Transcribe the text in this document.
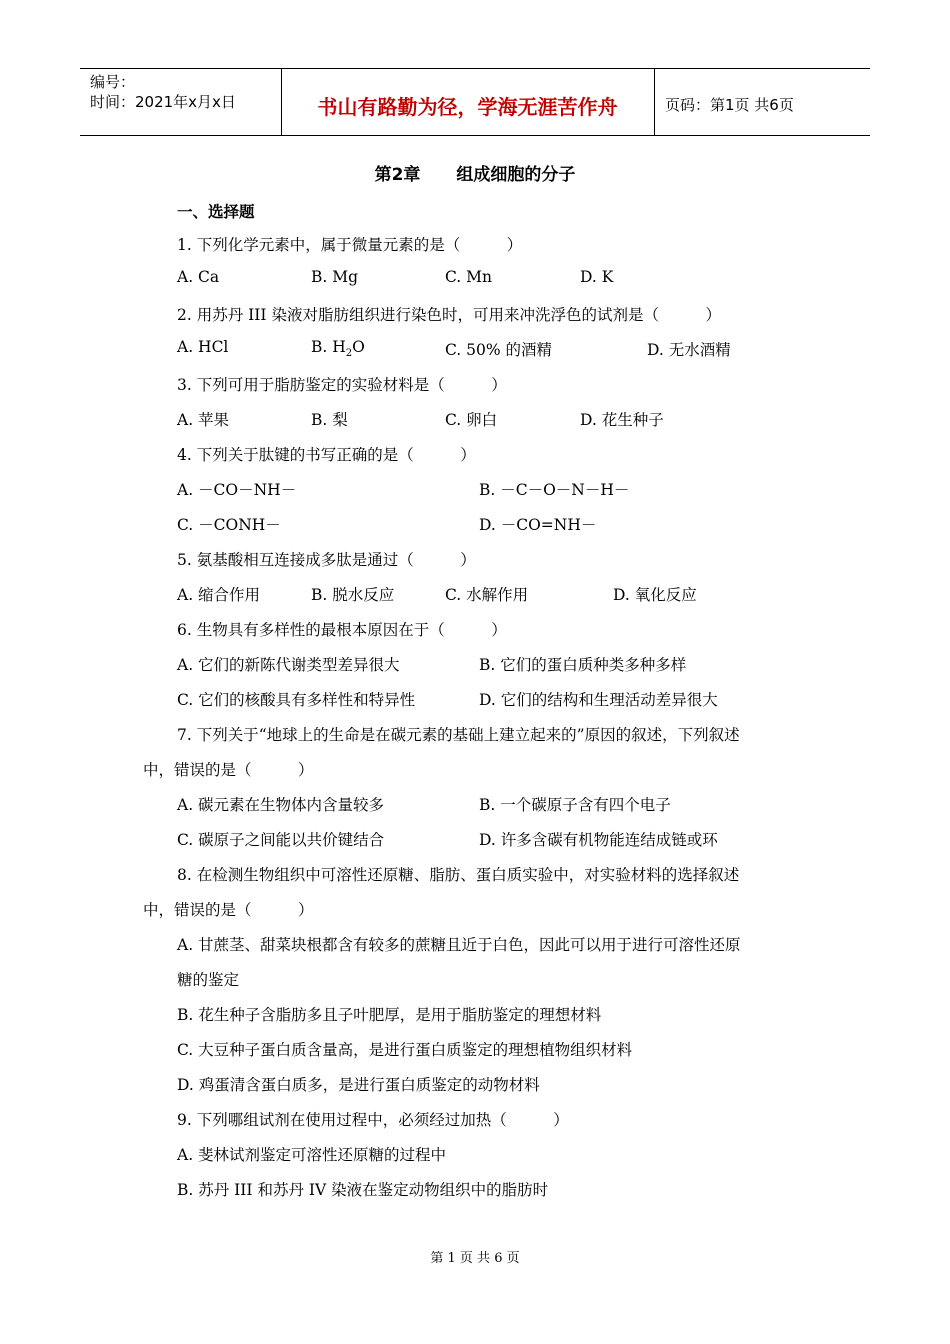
编号：
时间：2021年x月x日	书山有路勤为径，学海无涯苦作舟	页码：第1页 共6页
第2章 组成细胞的分子
一、选择题
1. 下列化学元素中，属于微量元素的是（　　　）
A. Ca	B. Mg	C. Mn	D. K
2. 用苏丹 III 染液对脂肪组织进行染色时，可用来冲洗浮色的试剂是（　　　）
A. HCl	B. $H_2O$	C. 50% 的酒精	D. 无水酒精
3. 下列可用于脂肪鉴定的实验材料是（　　　）
A. 苹果	B. 梨	C. 卵白	D. 花生种子
4. 下列关于肽键的书写正确的是（　　　）
A. －CO－NH－	B. －C－O－N－H－
C. －CONH－	D. －CO=NH－
5. 氨基酸相互连接成多肽是通过（　　　）
A. 缩合作用	B. 脱水反应	C. 水解作用	D. 氧化反应
6. 生物具有多样性的最根本原因在于（　　　）
A. 它们的新陈代谢类型差异很大	B. 它们的蛋白质种类多种多样
C. 它们的核酸具有多样性和特异性	D. 它们的结构和生理活动差异很大
7. 下列关于“地球上的生命是在碳元素的基础上建立起来的”原因的叙述，下列叙述
中，错误的是（　　　）
A. 碳元素在生物体内含量较多	B. 一个碳原子含有四个电子
C. 碳原子之间能以共价键结合	D. 许多含碳有机物能连结成链或环
8. 在检测生物组织中可溶性还原糖、脂肪、蛋白质实验中，对实验材料的选择叙述
中，错误的是（　　　）
A. 甘蔗茎、甜菜块根都含有较多的蔗糖且近于白色，因此可以用于进行可溶性还原
糖的鉴定
B. 花生种子含脂肪多且子叶肥厚，是用于脂肪鉴定的理想材料
C. 大豆种子蛋白质含量高，是进行蛋白质鉴定的理想植物组织材料
D. 鸡蛋清含蛋白质多，是进行蛋白质鉴定的动物材料
9. 下列哪组试剂在使用过程中，必须经过加热（　　　）
A. 斐林试剂鉴定可溶性还原糖的过程中
B. 苏丹 III 和苏丹 IV 染液在鉴定动物组织中的脂肪时
第 1 页 共 6 页
